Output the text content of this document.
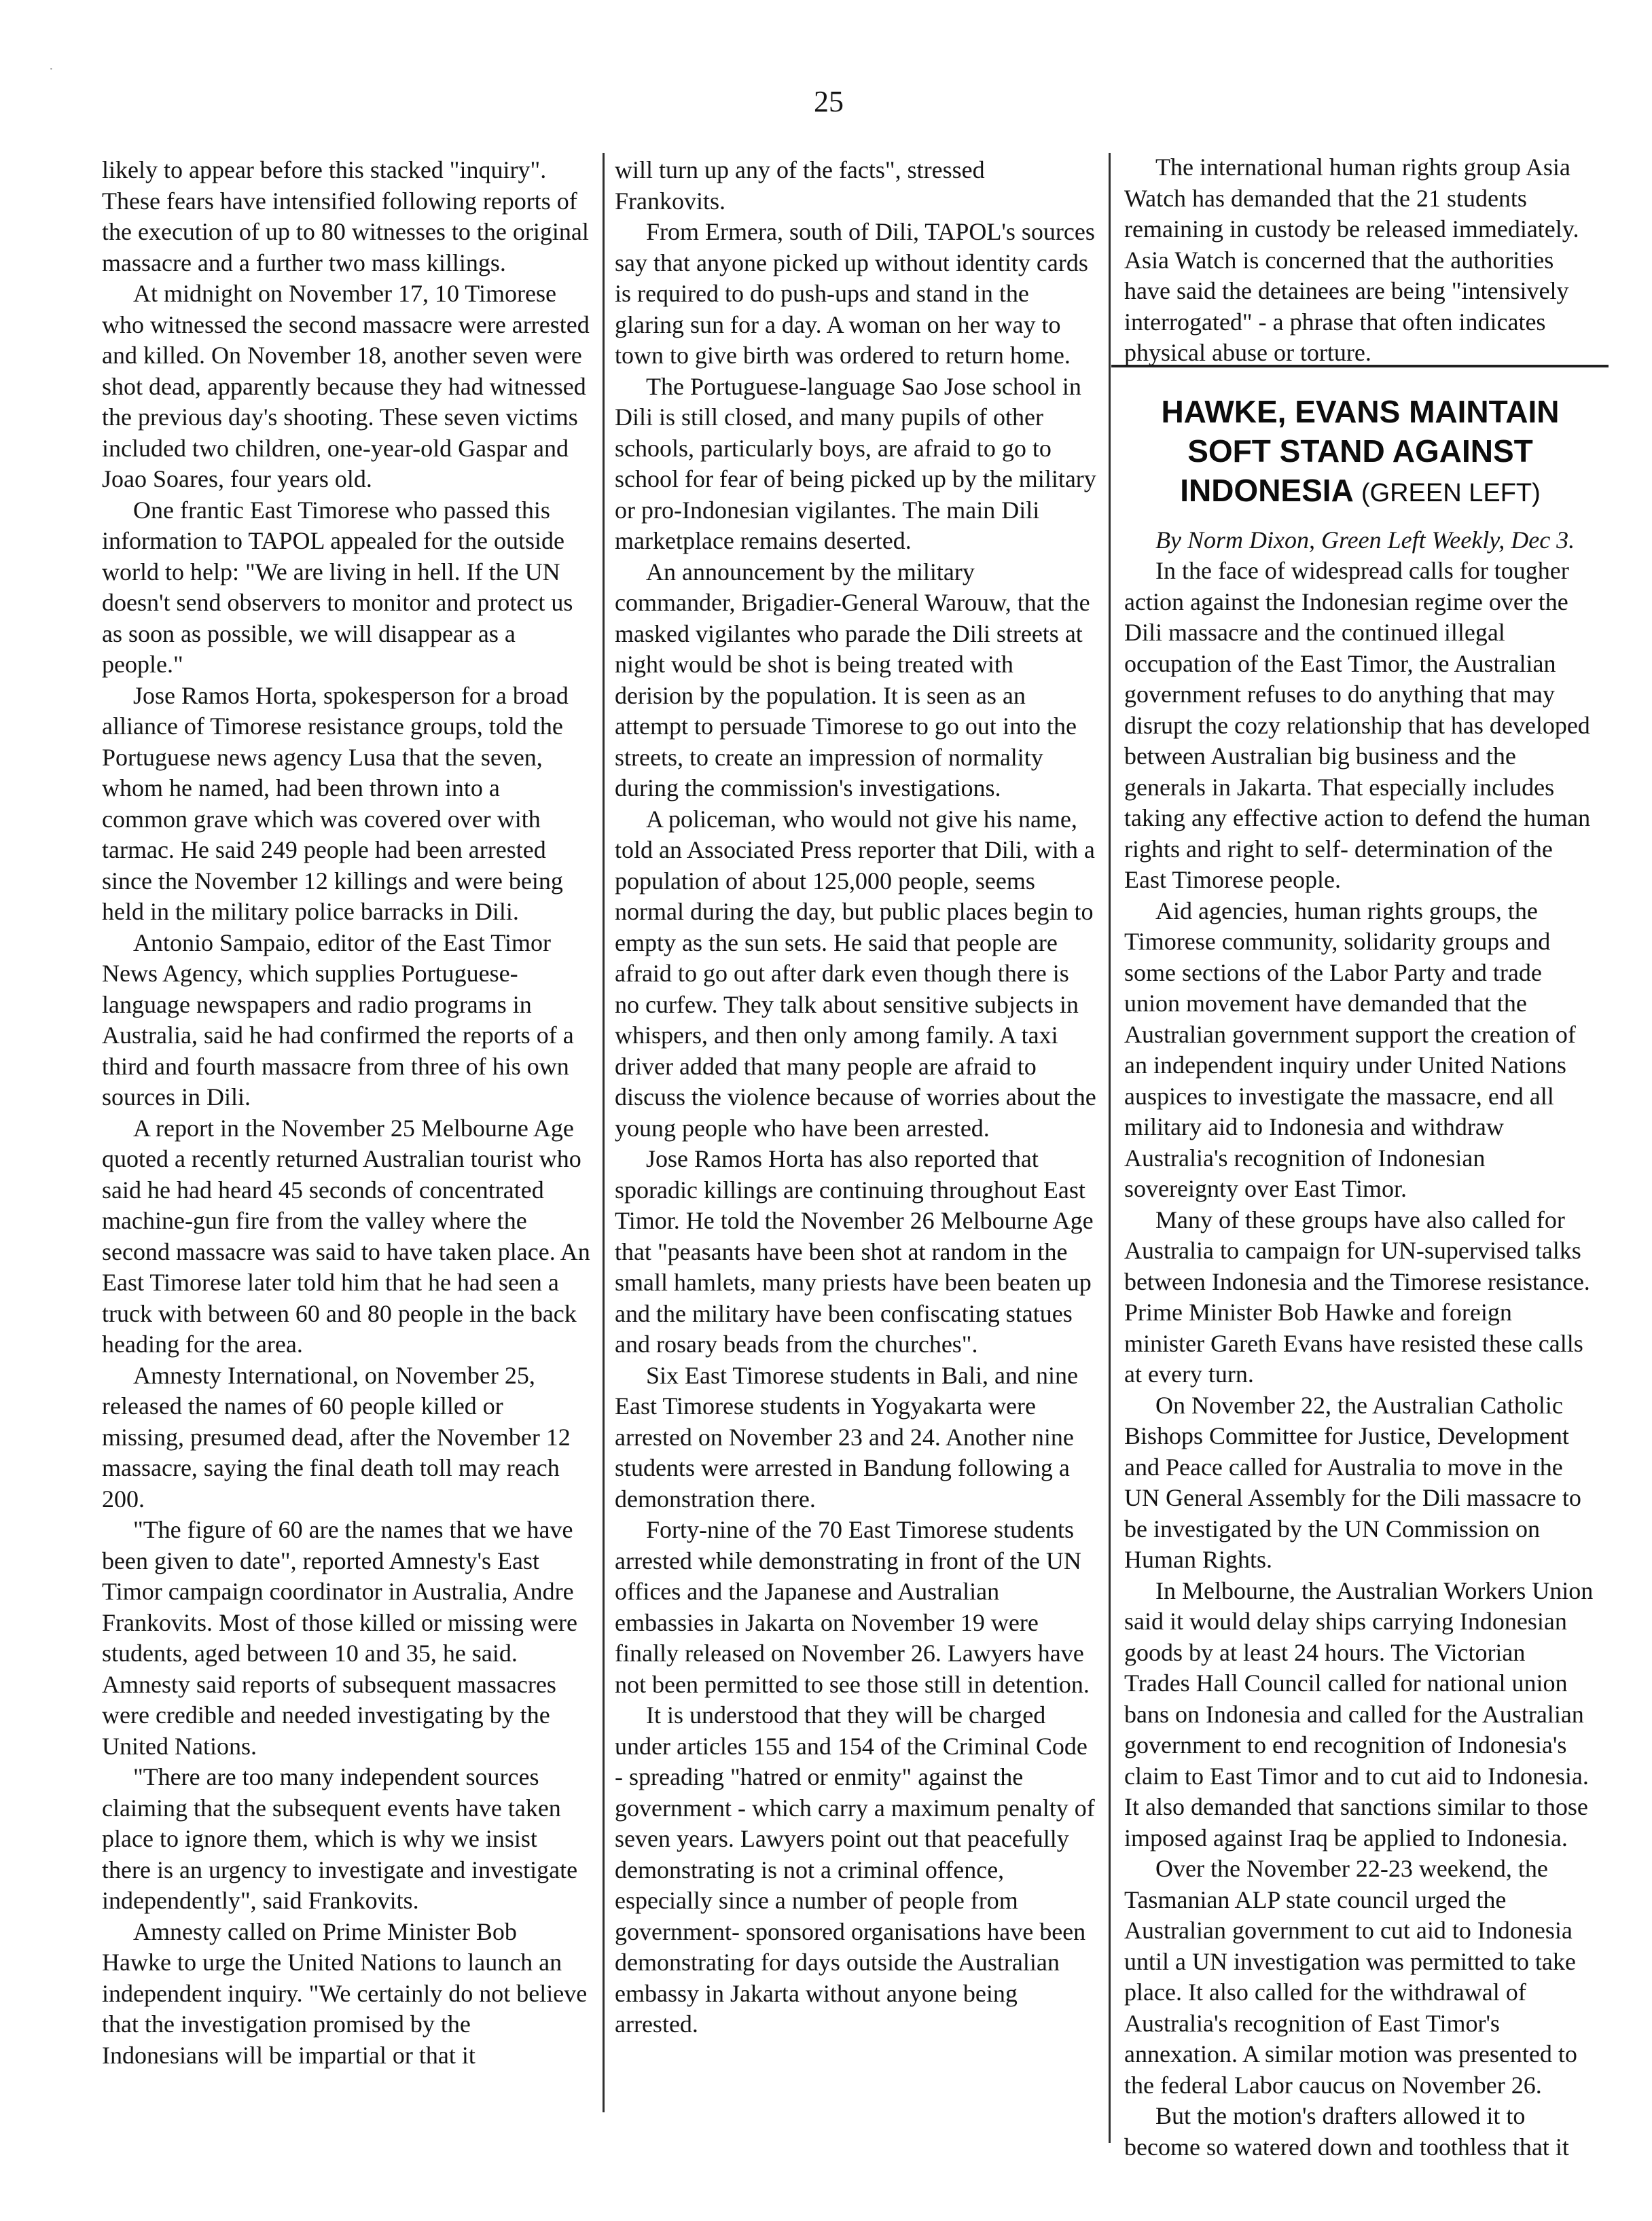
·
25

likely to appear before this stacked "inquiry". These fears have intensified following reports of the execution of up to 80 witnesses to the original massacre and a further two mass killings.

At midnight on November 17, 10 Timorese who witnessed the second massacre were arrested and killed. On November 18, another seven were shot dead, apparently because they had witnessed the previous day's shooting. These seven victims included two children, one-year-old Gaspar and Joao Soares, four years old.

One frantic East Timorese who passed this information to TAPOL appealed for the outside world to help: "We are living in hell. If the UN doesn't send observers to monitor and protect us as soon as possible, we will disappear as a people."

Jose Ramos Horta, spokesperson for a broad alliance of Timorese resistance groups, told the Portuguese news agency Lusa that the seven, whom he named, had been thrown into a common grave which was covered over with tarmac. He said 249 people had been arrested since the November 12 killings and were being held in the military police barracks in Dili.

Antonio Sampaio, editor of the East Timor News Agency, which supplies Portuguese-language newspapers and radio programs in Australia, said he had confirmed the reports of a third and fourth massacre from three of his own sources in Dili.

A report in the November 25 Melbourne Age quoted a recently returned Australian tourist who said he had heard 45 seconds of concentrated machine-gun fire from the valley where the second massacre was said to have taken place. An East Timorese later told him that he had seen a truck with between 60 and 80 people in the back heading for the area.

Amnesty International, on November 25, released the names of 60 people killed or missing, presumed dead, after the November 12 massacre, saying the final death toll may reach 200.

"The figure of 60 are the names that we have been given to date", reported Amnesty's East Timor campaign coordinator in Australia, Andre Frankovits. Most of those killed or missing were students, aged between 10 and 35, he said. Amnesty said reports of subsequent massacres were credible and needed investigating by the United Nations.

"There are too many independent sources claiming that the subsequent events have taken place to ignore them, which is why we insist there is an urgency to investigate and investigate independently", said Frankovits.

Amnesty called on Prime Minister Bob Hawke to urge the United Nations to launch an independent inquiry. "We certainly do not believe that the investigation promised by the Indonesians will be impartial or that it

will turn up any of the facts", stressed Frankovits.

From Ermera, south of Dili, TAPOL's sources say that anyone picked up without identity cards is required to do push-ups and stand in the glaring sun for a day. A woman on her way to town to give birth was ordered to return home.

The Portuguese-language Sao Jose school in Dili is still closed, and many pupils of other schools, particularly boys, are afraid to go to school for fear of being picked up by the military or pro-Indonesian vigilantes. The main Dili marketplace remains deserted.

An announcement by the military commander, Brigadier-General Warouw, that the masked vigilantes who parade the Dili streets at night would be shot is being treated with derision by the population. It is seen as an attempt to persuade Timorese to go out into the streets, to create an impression of normality during the commission's investigations.

A policeman, who would not give his name, told an Associated Press reporter that Dili, with a population of about 125,000 people, seems normal during the day, but public places begin to empty as the sun sets. He said that people are afraid to go out after dark even though there is no curfew. They talk about sensitive subjects in whispers, and then only among family. A taxi driver added that many people are afraid to discuss the violence because of worries about the young people who have been arrested.

Jose Ramos Horta has also reported that sporadic killings are continuing throughout East Timor. He told the November 26 Melbourne Age that "peasants have been shot at random in the small hamlets, many priests have been beaten up and the military have been confiscating statues and rosary beads from the churches".

Six East Timorese students in Bali, and nine East Timorese students in Yogyakarta were arrested on November 23 and 24. Another nine students were arrested in Bandung following a demonstration there.

Forty-nine of the 70 East Timorese students arrested while demonstrating in front of the UN offices and the Japanese and Australian embassies in Jakarta on November 19 were finally released on November 26. Lawyers have not been permitted to see those still in detention.

It is understood that they will be charged under articles 155 and 154 of the Criminal Code - spreading "hatred or enmity" against the government - which carry a maximum penalty of seven years. Lawyers point out that peacefully demonstrating is not a criminal offence, especially since a number of people from government- sponsored organisations have been demonstrating for days outside the Australian embassy in Jakarta without anyone being arrested.

The international human rights group Asia Watch has demanded that the 21 students remaining in custody be released immediately. Asia Watch is concerned that the authorities have said the detainees are being "intensively interrogated" - a phrase that often indicates physical abuse or torture.

HAWKE, EVANS MAINTAIN
SOFT STAND AGAINST
INDONESIA (GREEN LEFT)

By Norm Dixon, Green Left Weekly, Dec 3.

In the face of widespread calls for tougher action against the Indonesian regime over the Dili massacre and the continued illegal occupation of the East Timor, the Australian government refuses to do anything that may disrupt the cozy relationship that has developed between Australian big business and the generals in Jakarta. That especially includes taking any effective action to defend the human rights and right to self- determination of the East Timorese people.

Aid agencies, human rights groups, the Timorese community, solidarity groups and some sections of the Labor Party and trade union movement have demanded that the Australian government support the creation of an independent inquiry under United Nations auspices to investigate the massacre, end all military aid to Indonesia and withdraw Australia's recognition of Indonesian sovereignty over East Timor.

Many of these groups have also called for Australia to campaign for UN-supervised talks between Indonesia and the Timorese resistance. Prime Minister Bob Hawke and foreign minister Gareth Evans have resisted these calls at every turn.

On November 22, the Australian Catholic Bishops Committee for Justice, Development and Peace called for Australia to move in the UN General Assembly for the Dili massacre to be investigated by the UN Commission on Human Rights.

In Melbourne, the Australian Workers Union said it would delay ships carrying Indonesian goods by at least 24 hours. The Victorian Trades Hall Council called for national union bans on Indonesia and called for the Australian government to end recognition of Indonesia's claim to East Timor and to cut aid to Indonesia. It also demanded that sanctions similar to those imposed against Iraq be applied to Indonesia.

Over the November 22-23 weekend, the Tasmanian ALP state council urged the Australian government to cut aid to Indonesia until a UN investigation was permitted to take place. It also called for the withdrawal of Australia's recognition of East Timor's annexation. A similar motion was presented to the federal Labor caucus on November 26.

But the motion's drafters allowed it to become so watered down and toothless that it
